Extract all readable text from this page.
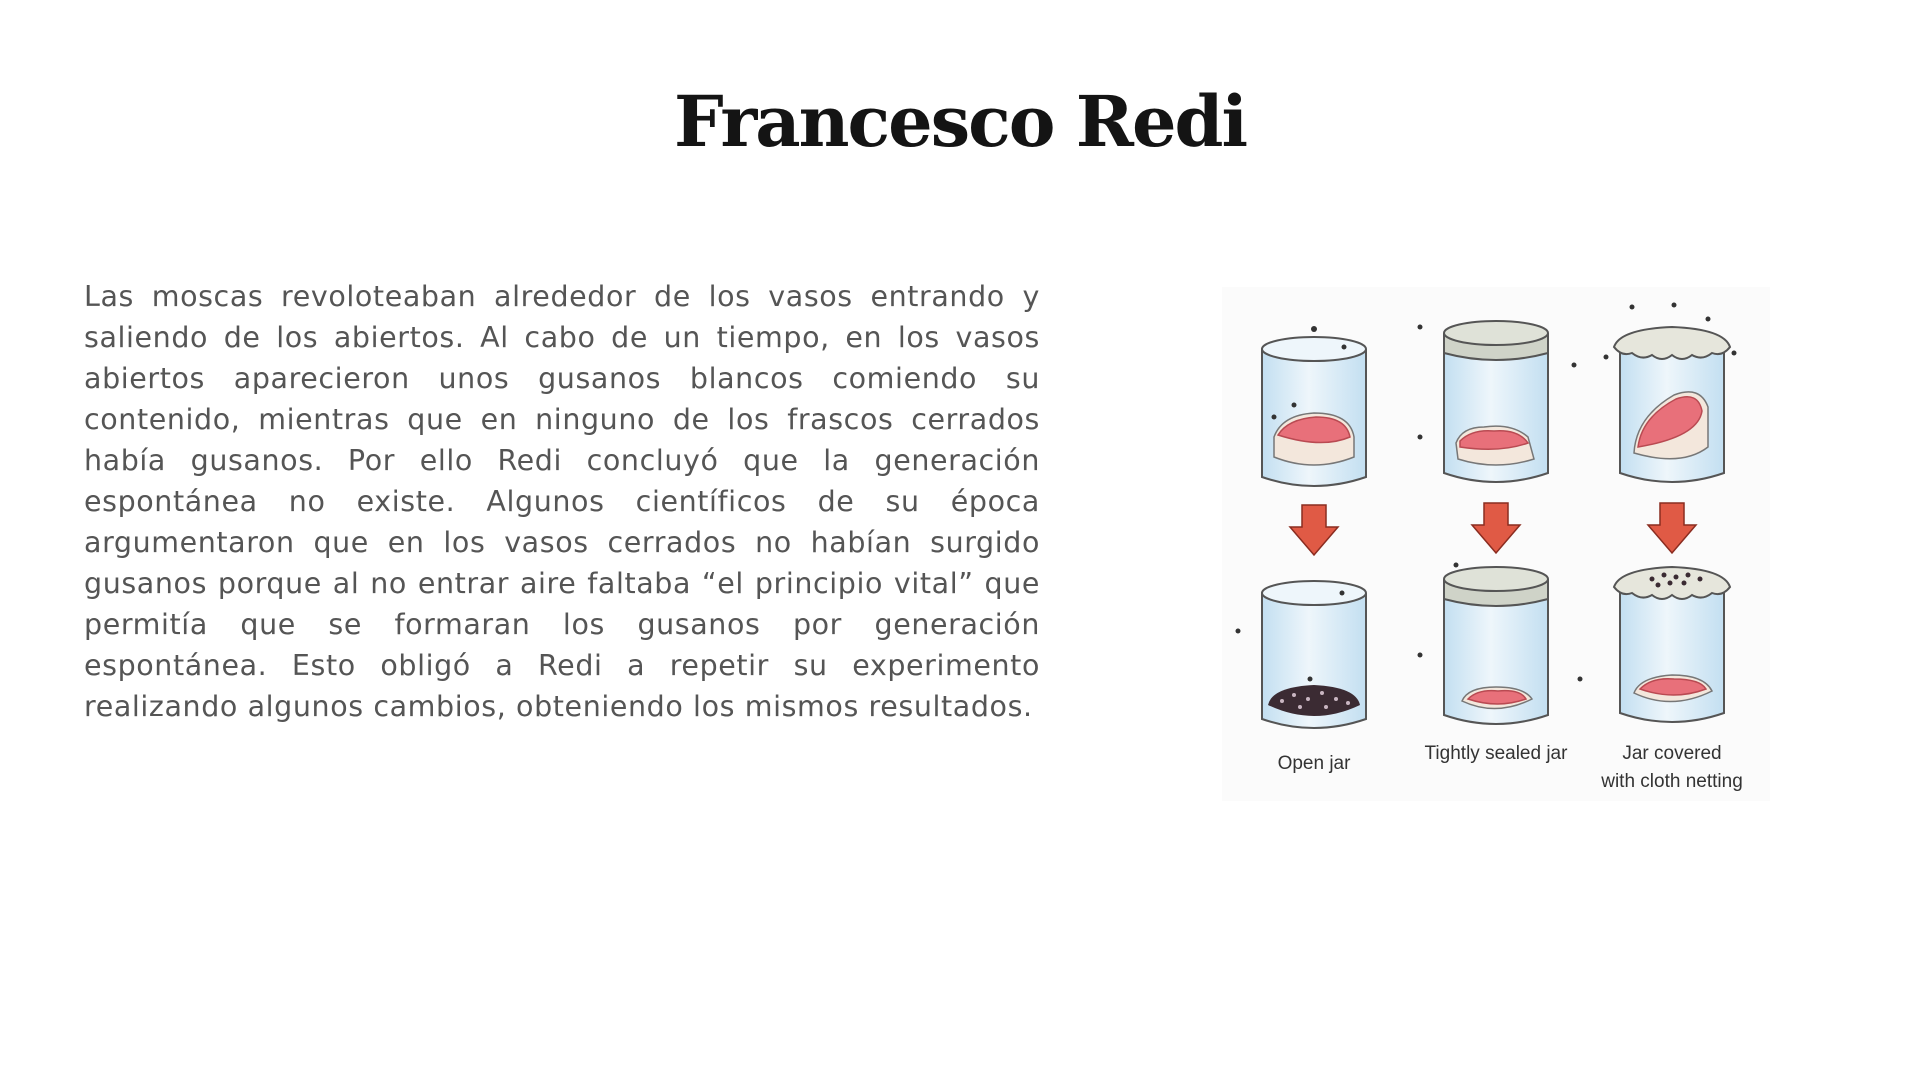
Francesco Redi

Las moscas revoloteaban alrededor de los vasos entrando y saliendo de los abiertos. Al cabo de un tiempo, en los vasos abiertos aparecieron unos gusanos blancos comiendo su contenido, mientras que en ninguno de los frascos cerrados había gusanos. Por ello Redi concluyó que la generación espontánea no existe. Algunos científicos de su época argumentaron que en los vasos cerrados no habían surgido gusanos porque al no entrar aire faltaba “el principio vital” que permitía que se formaran los gusanos por generación espontánea. Esto obligó a Redi a repetir su experimento realizando algunos cambios, obteniendo los mismos resultados.

Open jar	Tightly sealed jar	Jar covered
with cloth netting
